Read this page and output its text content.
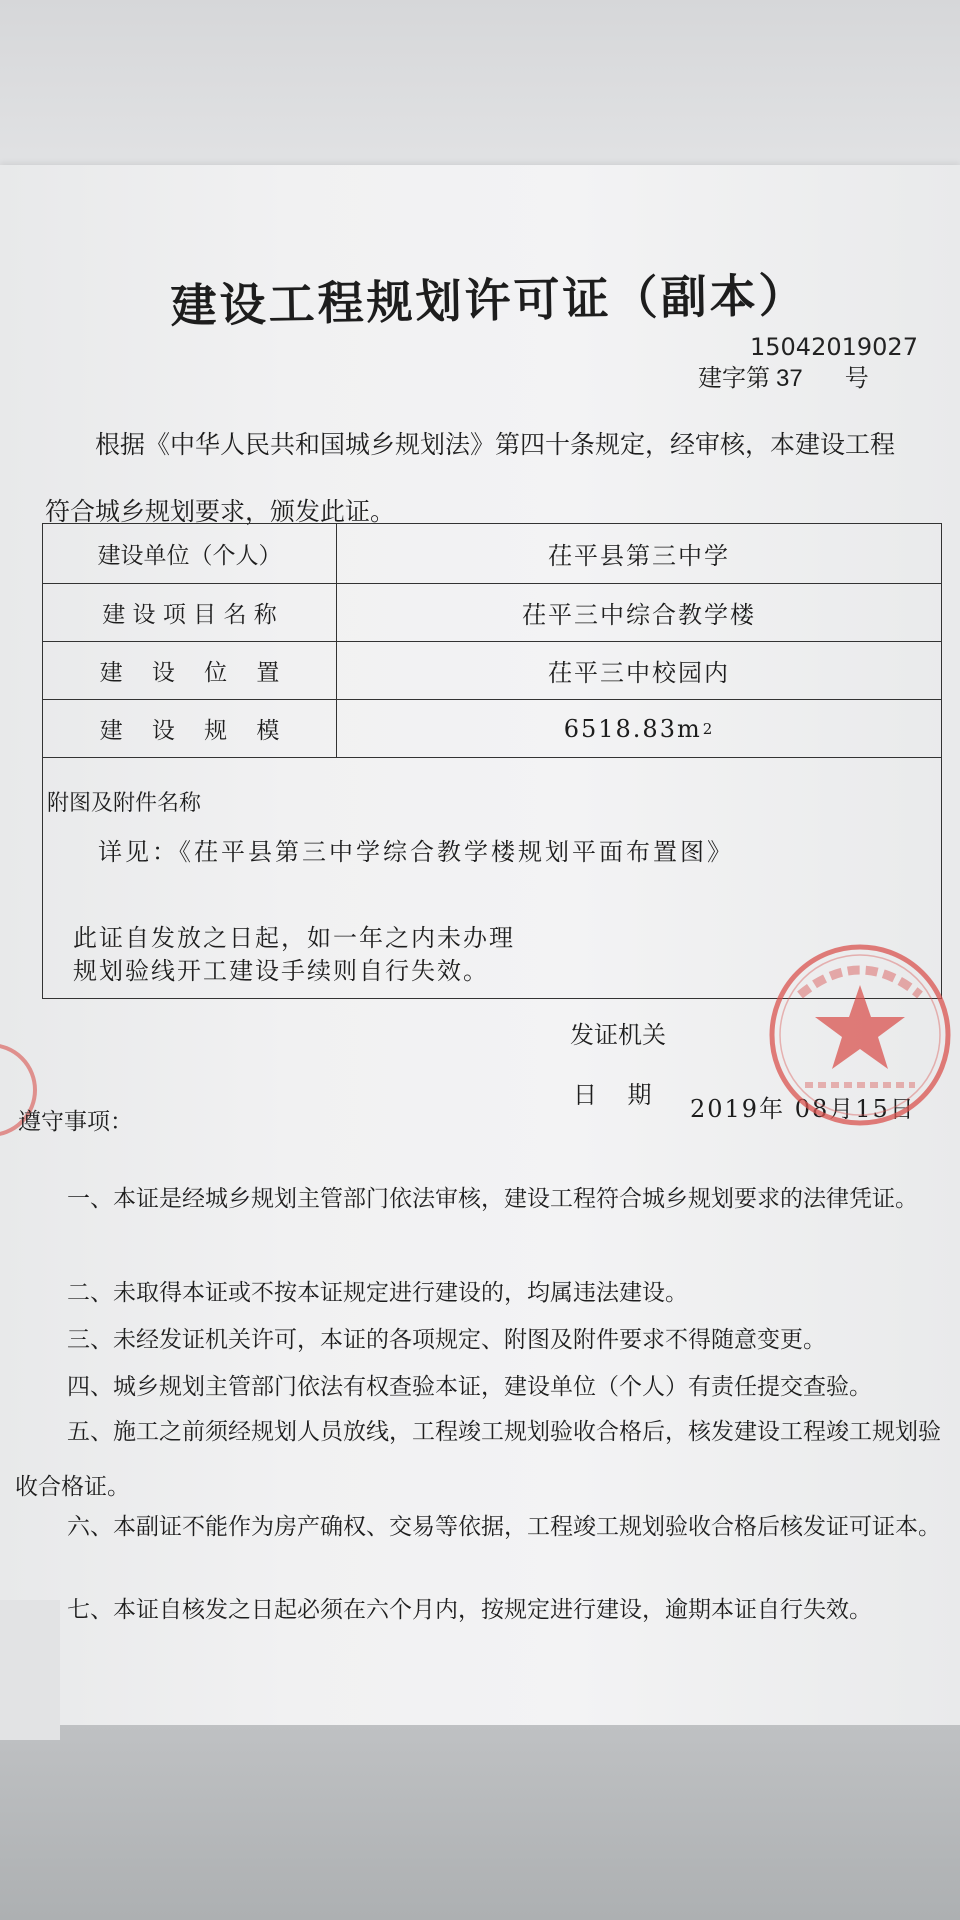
建设工程规划许可证（副本）
15042019027
建字第 37 号
根据《中华人民共和国城乡规划法》第四十条规定，经审核，本建设工程
符合城乡规划要求，颁发此证。
建设单位（个人）	茌平县第三中学
建 设 项 目 名 称	茌平三中综合教学楼
建    设    位    置	茌平三中校园内
建    设    规    模	6518.83m 2
附图及附件名称
详见：《茌平县第三中学综合教学楼规划平面布置图》
此证自发放之日起，如一年之内未办理
规划验线开工建设手续则自行失效。
发证机关
日    期 2019年 08月15日
遵守事项：
一、本证是经城乡规划主管部门依法审核，建设工程符合城乡规划要求的法律凭证。
二、未取得本证或不按本证规定进行建设的，均属违法建设。
三、未经发证机关许可，本证的各项规定、附图及附件要求不得随意变更。
四、城乡规划主管部门依法有权查验本证，建设单位（个人）有责任提交查验。
五、施工之前须经规划人员放线，工程竣工规划验收合格后，核发建设工程竣工规划验收合格证。
六、本副证不能作为房产确权、交易等依据，工程竣工规划验收合格后核发证可证本。
七、本证自核发之日起必须在六个月内，按规定进行建设，逾期本证自行失效。
